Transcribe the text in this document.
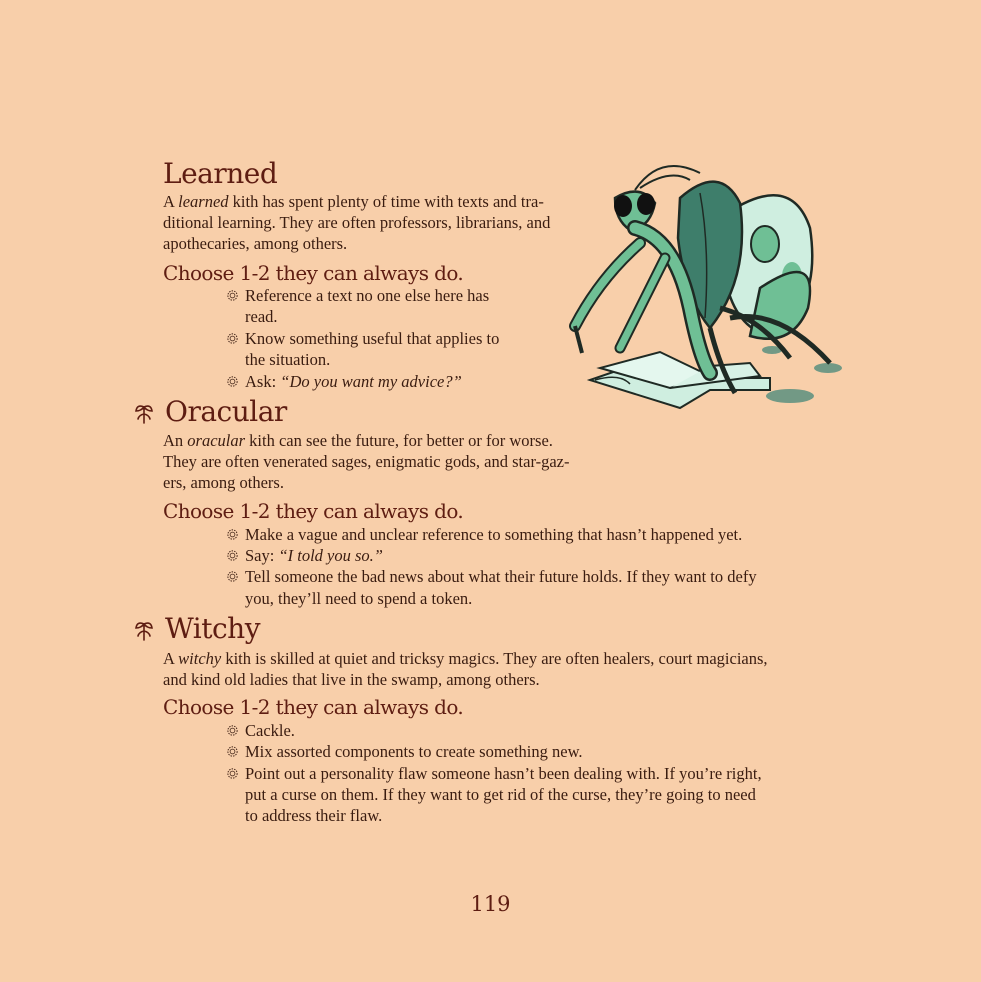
Learned
A learned kith has spent plenty of time with texts and tra-
ditional learning. They are often professors, librarians, and
apothecaries, among others.
Choose 1-2 they can always do.
Reference a text no one else here has
read.
Know something useful that applies to
the situation.
Ask: “Do you want my advice?”
Oracular
An oracular kith can see the future, for better or for worse.
They are often venerated sages, enigmatic gods, and star-gaz-
ers, among others.
Choose 1-2 they can always do.
Make a vague and unclear reference to something that hasn’t happened yet.
Say: “I told you so.”
Tell someone the bad news about what their future holds. If they want to defy
you, they’ll need to spend a token.
Witchy
A witchy kith is skilled at quiet and tricksy magics. They are often healers, court magicians,
and kind old ladies that live in the swamp, among others.
Choose 1-2 they can always do.
Cackle.
Mix assorted components to create something new.
Point out a personality flaw someone hasn’t been dealing with. If you’re right,
put a curse on them. If they want to get rid of the curse, they’re going to need
to address their flaw.
119
